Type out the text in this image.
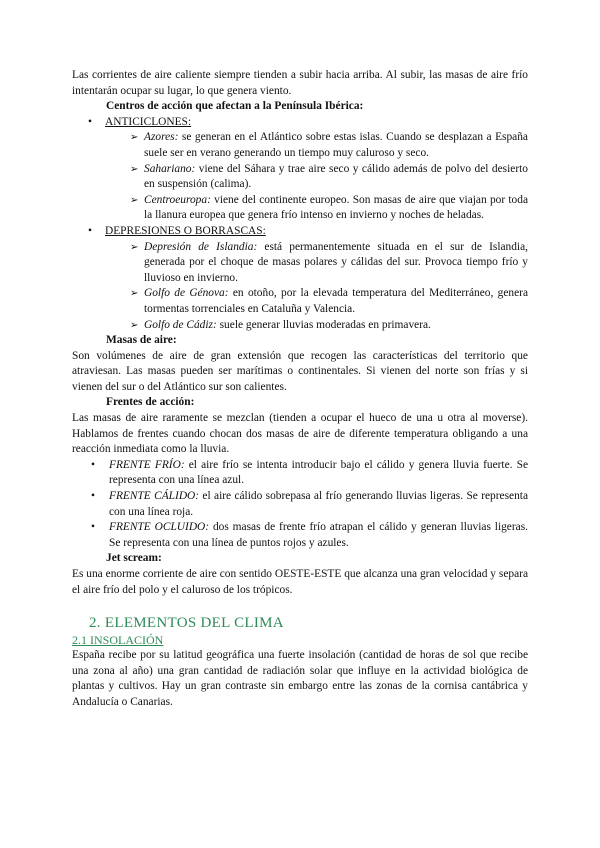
Las corrientes de aire caliente siempre tienden a subir hacia arriba. Al subir, las masas de aire frío intentarán ocupar su lugar, lo que genera viento.

Centros de acción que afectan a la Península Ibérica:

• ANTICICLONES:
➢ Azores: se generan en el Atlántico sobre estas islas. Cuando se desplazan a España suele ser en verano generando un tiempo muy caluroso y seco.
➢ Sahariano: viene del Sáhara y trae aire seco y cálido además de polvo del desierto en suspensión (calima).
➢ Centroeuropa: viene del continente europeo. Son masas de aire que viajan por toda la llanura europea que genera frío intenso en invierno y noches de heladas.
• DEPRESIONES O BORRASCAS:
➢ Depresión de Islandia: está permanentemente situada en el sur de Islandia, generada por el choque de masas polares y cálidas del sur. Provoca tiempo frío y lluvioso en invierno.
➢ Golfo de Génova: en otoño, por la elevada temperatura del Mediterráneo, genera tormentas torrenciales en Cataluña y Valencia.
➢ Golfo de Cádiz: suele generar lluvias moderadas en primavera.

Masas de aire:

Son volúmenes de aire de gran extensión que recogen las características del territorio que atraviesan. Las masas pueden ser marítimas o continentales. Si vienen del norte son frías y si vienen del sur o del Atlántico sur son calientes.

Frentes de acción:

Las masas de aire raramente se mezclan (tienden a ocupar el hueco de una u otra al moverse). Hablamos de frentes cuando chocan dos masas de aire de diferente temperatura obligando a una reacción inmediata como la lluvia.

• FRENTE FRÍO: el aire frío se intenta introducir bajo el cálido y genera lluvia fuerte. Se representa con una línea azul.
• FRENTE CÁLIDO: el aire cálido sobrepasa al frío generando lluvias ligeras. Se representa con una línea roja.
• FRENTE OCLUIDO: dos masas de frente frío atrapan el cálido y generan lluvias ligeras. Se representa con una línea de puntos rojos y azules.

Jet scream:

Es una enorme corriente de aire con sentido OESTE-ESTE que alcanza una gran velocidad y separa el aire frío del polo y el caluroso de los trópicos.

2. ELEMENTOS DEL CLIMA
2.1 INSOLACIÓN

España recibe por su latitud geográfica una fuerte insolación (cantidad de horas de sol que recibe una zona al año) una gran cantidad de radiación solar que influye en la actividad biológica de plantas y cultivos. Hay un gran contraste sin embargo entre las zonas de la cornisa cantábrica y Andalucía o Canarias.
